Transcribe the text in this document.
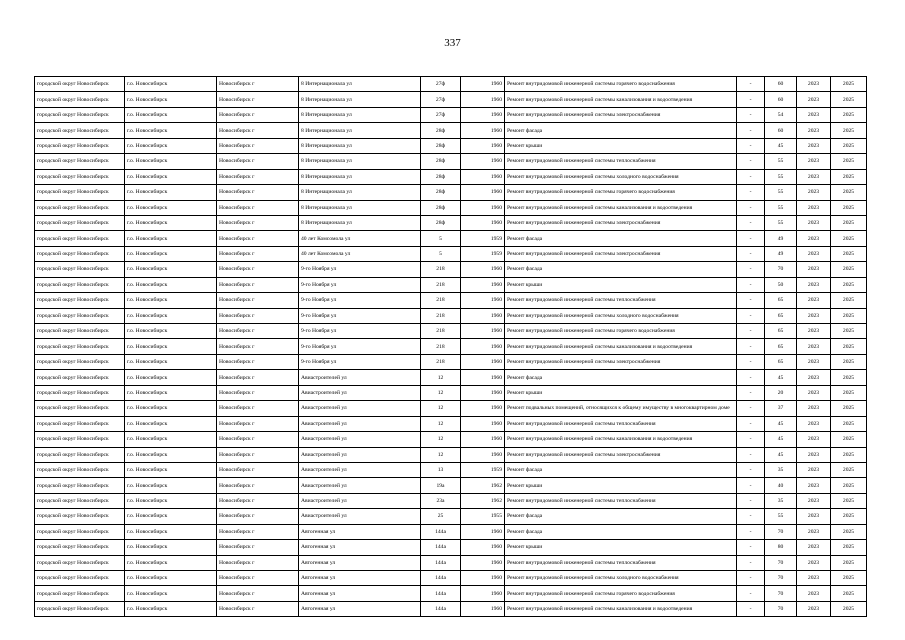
337
городской округ Новосибирск	г.о. Новосибирск	Новосибирск г	8 Интернационала ул	27ф	1960	Ремонт внутридомовой инженерной системы горячего водоснабжения	-	60	2023	2025
городской округ Новосибирск	г.о. Новосибирск	Новосибирск г	8 Интернационала ул	27ф	1960	Ремонт внутридомовой инженерной системы канализования и водоотведения	-	60	2023	2025
городской округ Новосибирск	г.о. Новосибирск	Новосибирск г	8 Интернационала ул	27ф	1960	Ремонт внутридомовой инженерной системы электроснабжения	-	54	2023	2025
городской округ Новосибирск	г.о. Новосибирск	Новосибирск г	8 Интернационала ул	28ф	1960	Ремонт фасада	-	60	2023	2025
городской округ Новосибирск	г.о. Новосибирск	Новосибирск г	8 Интернационала ул	28ф	1960	Ремонт крыши	-	45	2023	2025
городской округ Новосибирск	г.о. Новосибирск	Новосибирск г	8 Интернационала ул	28ф	1960	Ремонт внутридомовой инженерной системы теплоснабжения	-	55	2023	2025
городской округ Новосибирск	г.о. Новосибирск	Новосибирск г	8 Интернационала ул	28ф	1960	Ремонт внутридомовой инженерной системы холодного водоснабжения	-	55	2023	2025
городской округ Новосибирск	г.о. Новосибирск	Новосибирск г	8 Интернационала ул	28ф	1960	Ремонт внутридомовой инженерной системы горячего водоснабжения	-	55	2023	2025
городской округ Новосибирск	г.о. Новосибирск	Новосибирск г	8 Интернационала ул	28ф	1960	Ремонт внутридомовой инженерной системы канализования и водоотведения	-	55	2023	2025
городской округ Новосибирск	г.о. Новосибирск	Новосибирск г	8 Интернационала ул	28ф	1960	Ремонт внутридомовой инженерной системы электроснабжения	-	55	2023	2025
городской округ Новосибирск	г.о. Новосибирск	Новосибирск г	40 лет Комсомола ул	5	1959	Ремонт фасада	-	49	2023	2025
городской округ Новосибирск	г.о. Новосибирск	Новосибирск г	40 лет Комсомола ул	5	1959	Ремонт внутридомовой инженерной системы электроснабжения	-	49	2023	2025
городской округ Новосибирск	г.о. Новосибирск	Новосибирск г	9-го Ноября ул	218	1960	Ремонт фасада	-	70	2023	2025
городской округ Новосибирск	г.о. Новосибирск	Новосибирск г	9-го Ноября ул	218	1960	Ремонт крыши	-	50	2023	2025
городской округ Новосибирск	г.о. Новосибирск	Новосибирск г	9-го Ноября ул	218	1960	Ремонт внутридомовой инженерной системы теплоснабжения	-	65	2023	2025
городской округ Новосибирск	г.о. Новосибирск	Новосибирск г	9-го Ноября ул	218	1960	Ремонт внутридомовой инженерной системы холодного водоснабжения	-	65	2023	2025
городской округ Новосибирск	г.о. Новосибирск	Новосибирск г	9-го Ноября ул	218	1960	Ремонт внутридомовой инженерной системы горячего водоснабжения	-	65	2023	2025
городской округ Новосибирск	г.о. Новосибирск	Новосибирск г	9-го Ноября ул	218	1960	Ремонт внутридомовой инженерной системы канализования и водоотведения	-	65	2023	2025
городской округ Новосибирск	г.о. Новосибирск	Новосибирск г	9-го Ноября ул	218	1960	Ремонт внутридомовой инженерной системы электроснабжения	-	65	2023	2025
городской округ Новосибирск	г.о. Новосибирск	Новосибирск г	Авиастроителей ул	12	1960	Ремонт фасада	-	45	2023	2025
городской округ Новосибирск	г.о. Новосибирск	Новосибирск г	Авиастроителей ул	12	1960	Ремонт крыши	-	20	2023	2025
городской округ Новосибирск	г.о. Новосибирск	Новосибирск г	Авиастроителей ул	12	1960	Ремонт подвальных помещений, относящихся к общему имуществу в многоквартирном доме	-	37	2023	2025
городской округ Новосибирск	г.о. Новосибирск	Новосибирск г	Авиастроителей ул	12	1960	Ремонт внутридомовой инженерной системы теплоснабжения	-	45	2023	2025
городской округ Новосибирск	г.о. Новосибирск	Новосибирск г	Авиастроителей ул	12	1960	Ремонт внутридомовой инженерной системы канализования и водоотведения	-	45	2023	2025
городской округ Новосибирск	г.о. Новосибирск	Новосибирск г	Авиастроителей ул	12	1960	Ремонт внутридомовой инженерной системы электроснабжения	-	45	2023	2025
городской округ Новосибирск	г.о. Новосибирск	Новосибирск г	Авиастроителей ул	13	1959	Ремонт фасада	-	35	2023	2025
городской округ Новосибирск	г.о. Новосибирск	Новосибирск г	Авиастроителей ул	19а	1962	Ремонт крыши	-	40	2023	2025
городской округ Новосибирск	г.о. Новосибирск	Новосибирск г	Авиастроителей ул	23а	1962	Ремонт внутридомовой инженерной системы теплоснабжения	-	35	2023	2025
городской округ Новосибирск	г.о. Новосибирск	Новосибирск г	Авиастроителей ул	25	1955	Ремонт фасада	-	55	2023	2025
городской округ Новосибирск	г.о. Новосибирск	Новосибирск г	Автогенная ул	144а	1960	Ремонт фасада	-	70	2023	2025
городской округ Новосибирск	г.о. Новосибирск	Новосибирск г	Автогенная ул	144а	1960	Ремонт крыши	-	80	2023	2025
городской округ Новосибирск	г.о. Новосибирск	Новосибирск г	Автогенная ул	144а	1960	Ремонт внутридомовой инженерной системы теплоснабжения	-	70	2023	2025
городской округ Новосибирск	г.о. Новосибирск	Новосибирск г	Автогенная ул	144а	1960	Ремонт внутридомовой инженерной системы холодного водоснабжения	-	70	2023	2025
городской округ Новосибирск	г.о. Новосибирск	Новосибирск г	Автогенная ул	144а	1960	Ремонт внутридомовой инженерной системы горячего водоснабжения	-	70	2023	2025
городской округ Новосибирск	г.о. Новосибирск	Новосибирск г	Автогенная ул	144а	1960	Ремонт внутридомовой инженерной системы канализования и водоотведения	-	70	2023	2025
